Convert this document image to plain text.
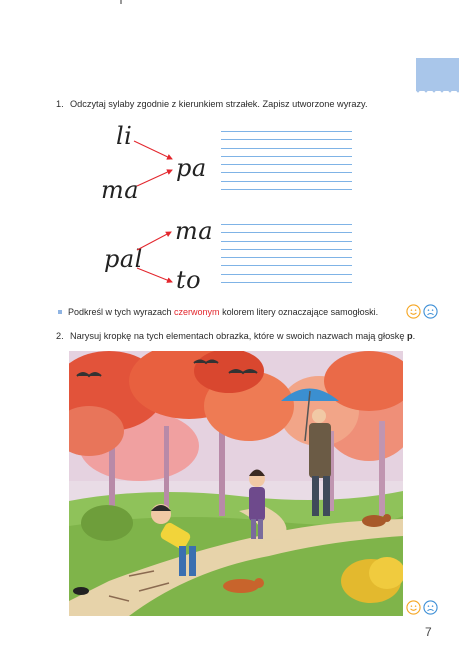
1. Odczytaj sylaby zgodnie z kierunkiem strzałek. Zapisz utworzone wyrazy.
li
ma
pa
pal
ma
to
Podkreśl w tych wyrazach czerwonym kolorem litery oznaczające samogłoski.
2. Narysuj kropkę na tych elementach obrazka, które w swoich nazwach mają głoskę p.
7
